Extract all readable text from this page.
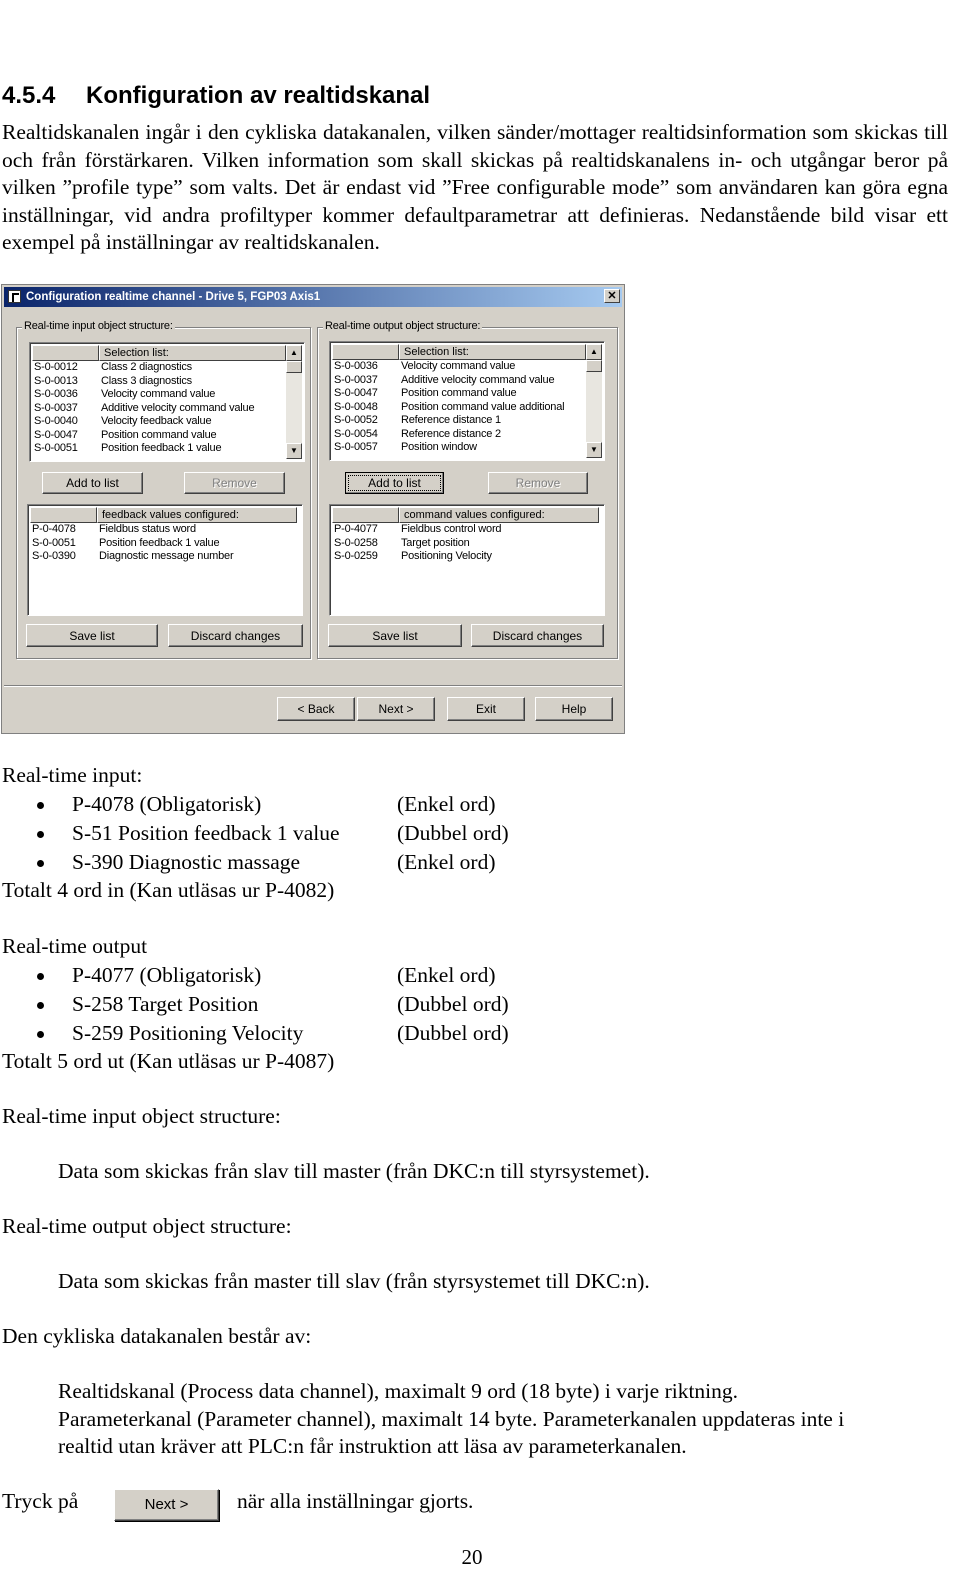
4.5.4 Konfiguration av realtidskanal

Realtidskanalen ingår i den cykliska datakanalen, vilken sänder/mottager realtidsinformation som skickas till och från förstärkaren. Vilken information som skall skickas på realtidskanalens in- och utgångar beror på vilken ”profile type” som valts. Det är endast vid ”Free configurable mode” som användaren kan göra egna inställningar, vid andra profiltyper kommer defaultparametrar att definieras. Nedanstående bild visar ett exempel på inställningar av realtidskanalen.

Configuration realtime channel - Drive 5, FGP03 Axis1	✕
Real-time input object structure:
Selection list:
S-0-0012 Class 2 diagnostics
S-0-0013 Class 3 diagnostics
S-0-0036 Velocity command value
S-0-0037 Additive velocity command value
S-0-0040 Velocity feedback value
S-0-0047 Position command value
S-0-0051 Position feedback 1 value
▲
▼
Add to list	Remove
feedback values configured:
P-0-4078 Fieldbus status word
S-0-0051 Position feedback 1 value
S-0-0390 Diagnostic message number
Save list	Discard changes
Real-time output object structure:
Selection list:
S-0-0036 Velocity command value
S-0-0037 Additive velocity command value
S-0-0047 Position command value
S-0-0048 Position command value additional
S-0-0052 Reference distance 1
S-0-0054 Reference distance 2
S-0-0057 Position window
▲
▼
Add to list	Remove
command values configured:
P-0-4077 Fieldbus control word
S-0-0258 Target position
S-0-0259 Positioning Velocity
Save list	Discard changes
< Back	Next >	Exit	Help
Real-time input:
P-4078 (Obligatorisk)	(Enkel ord)
S-51 Position feedback 1 value	(Dubbel ord)
S-390 Diagnostic massage	(Enkel ord)
Totalt 4 ord in (Kan utläsas ur P-4082)
Real-time output
P-4077 (Obligatorisk)	(Enkel ord)
S-258 Target Position	(Dubbel ord)
S-259 Positioning Velocity	(Dubbel ord)
Totalt 5 ord ut (Kan utläsas ur P-4087)
Real-time input object structure:
Data som skickas från slav till master (från DKC:n till styrsystemet).
Real-time output object structure:
Data som skickas från master till slav (från styrsystemet till DKC:n).
Den cykliska datakanalen består av:
Realtidskanal (Process data channel), maximalt 9 ord (18 byte) i varje riktning.
Parameterkanal (Parameter channel), maximalt 14 byte. Parameterkanalen uppdateras inte i
realtid utan kräver att PLC:n får instruktion att läsa av parameterkanalen.
Tryck på	Next >	när alla inställningar gjorts.
20
